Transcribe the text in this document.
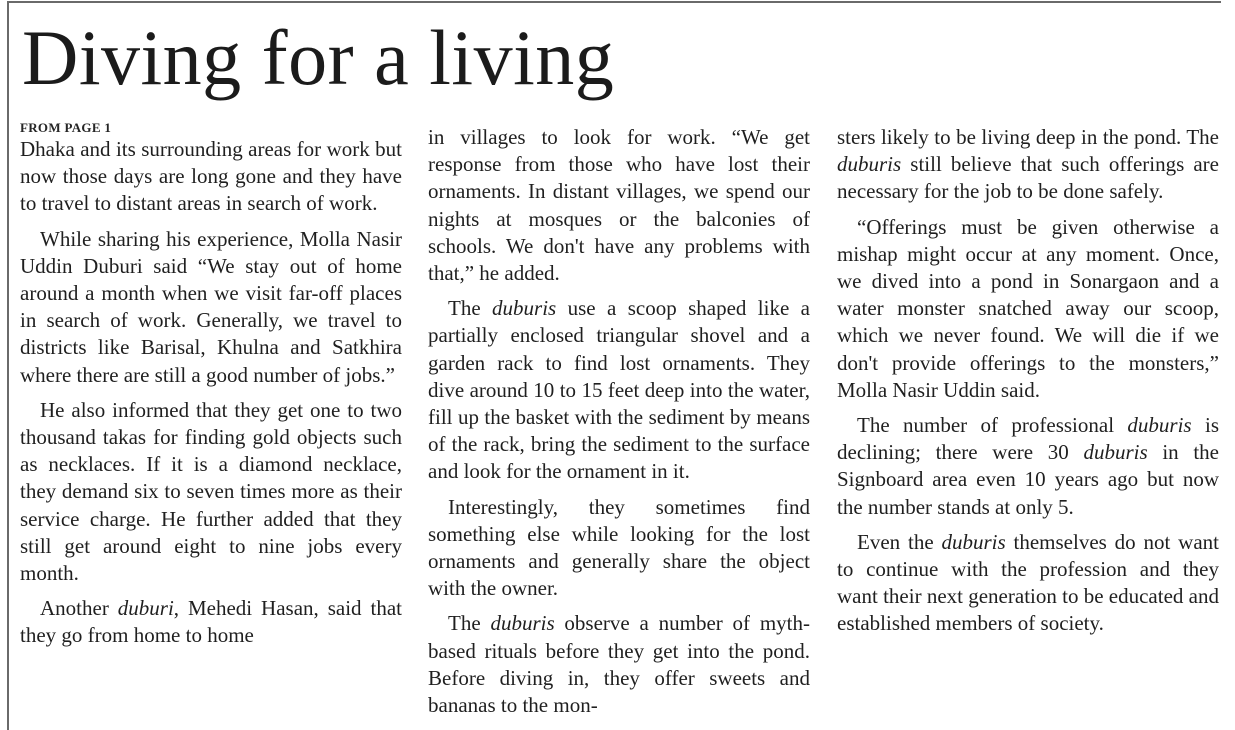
Diving for a living
FROM PAGE 1

Dhaka and its surrounding areas for work but now those days are long gone and they have to travel to distant areas in search of work.

While sharing his experience, Molla Nasir Uddin Duburi said “We stay out of home around a month when we visit far-off places in search of work. Generally, we travel to districts like Barisal, Khulna and Satkhira where there are still a good number of jobs.”

He also informed that they get one to two thousand takas for finding gold objects such as necklaces. If it is a diamond necklace, they demand six to seven times more as their service charge. He further added that they still get around eight to nine jobs every month.

Another duburi, Mehedi Hasan, said that they go from home to home

in villages to look for work. “We get response from those who have lost their ornaments. In distant villages, we spend our nights at mosques or the balconies of schools. We don't have any problems with that,” he added.

The duburis use a scoop shaped like a partially enclosed triangular shovel and a garden rack to find lost ornaments. They dive around 10 to 15 feet deep into the water, fill up the basket with the sediment by means of the rack, bring the sediment to the surface and look for the ornament in it.

Interestingly, they sometimes find something else while looking for the lost ornaments and generally share the object with the owner.

The duburis observe a number of myth-based rituals before they get into the pond. Before diving in, they offer sweets and bananas to the mon-

sters likely to be living deep in the pond. The duburis still believe that such offerings are necessary for the job to be done safely.

“Offerings must be given otherwise a mishap might occur at any moment. Once, we dived into a pond in Sonargaon and a water monster snatched away our scoop, which we never found. We will die if we don't provide offerings to the monsters,” Molla Nasir Uddin said.

The number of professional duburis is declining; there were 30 duburis in the Signboard area even 10 years ago but now the number stands at only 5.

Even the duburis themselves do not want to continue with the profession and they want their next generation to be educated and established members of society.
